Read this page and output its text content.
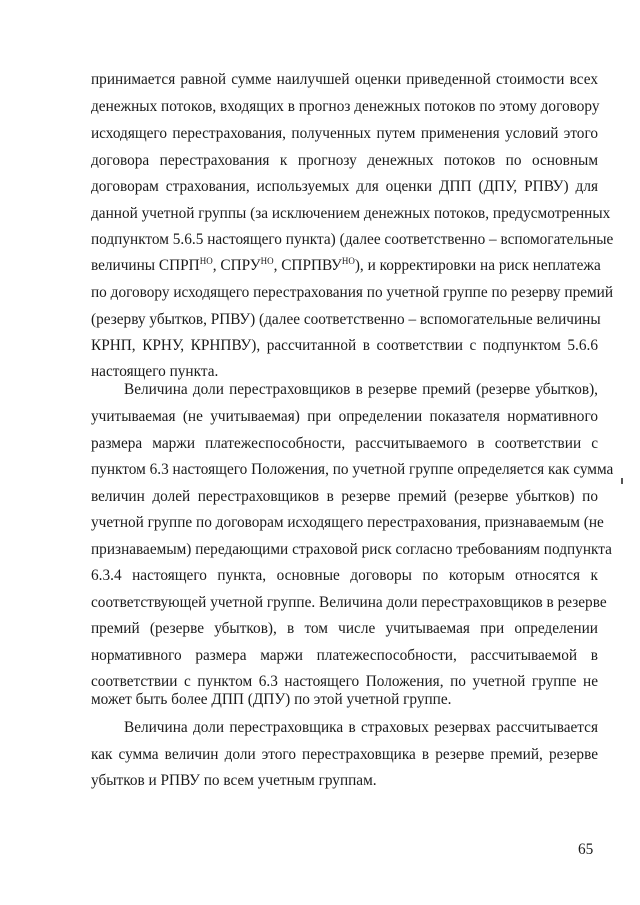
принимается равной сумме наилучшей оценки приведенной стоимости всех
денежных потоков, входящих в прогноз денежных потоков по этому договору
исходящего перестрахования, полученных путем применения условий этого
договора перестрахования к прогнозу денежных потоков по основным
договорам страхования, используемых для оценки ДПП (ДПУ, РПВУ) для
данной учетной группы (за исключением денежных потоков, предусмотренных
подпунктом 5.6.5 настоящего пункта) (далее соответственно – вспомогательные
величины $СПРП^{НО}$, $СПРУ^{НО}$, $СПРПВУ^{НО}$), и корректировки на риск неплатежа
по договору исходящего перестрахования по учетной группе по резерву премий
(резерву убытков, РПВУ) (далее соответственно – вспомогательные величины
КРНП, КРНУ, КРНПВУ), рассчитанной в соответствии с подпунктом 5.6.6
настоящего пункта.
Величина доли перестраховщиков в резерве премий (резерве убытков),
учитываемая (не учитываемая) при определении показателя нормативного
размера маржи платежеспособности, рассчитываемого в соответствии с
пунктом 6.3 настоящего Положения, по учетной группе определяется как сумма
величин долей перестраховщиков в резерве премий (резерве убытков) по
учетной группе по договорам исходящего перестрахования, признаваемым (не
признаваемым) передающими страховой риск согласно требованиям подпункта
6.3.4 настоящего пункта, основные договоры по которым относятся к
соответствующей учетной группе. Величина доли перестраховщиков в резерве
премий (резерве убытков), в том числе учитываемая при определении
нормативного размера маржи платежеспособности, рассчитываемой в
соответствии с пунктом 6.3 настоящего Положения, по учетной группе не
может быть более ДПП (ДПУ) по этой учетной группе.
Величина доли перестраховщика в страховых резервах рассчитывается
как сумма величин доли этого перестраховщика в резерве премий, резерве
убытков и РПВУ по всем учетным группам.
65
